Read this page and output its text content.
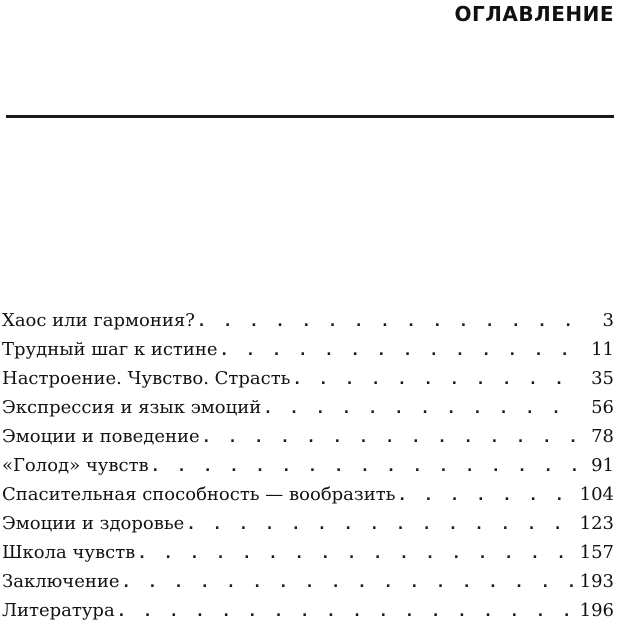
ОГЛАВЛЕНИЕ
Хаос или гармония? . . .	3
Трудный шаг к истине . . .	11
Настроение. Чувство. Страсть . . .	35
Экспрессия и язык эмоций . . .	56
Эмоции и поведение . . .	78
«Голод» чувств . . .	91
Спасительная способность — вообразить . . .	104
Эмоции и здоровье . . .	123
Школа чувств . . .	157
Заключение . . .	193
Литература . . .	196
